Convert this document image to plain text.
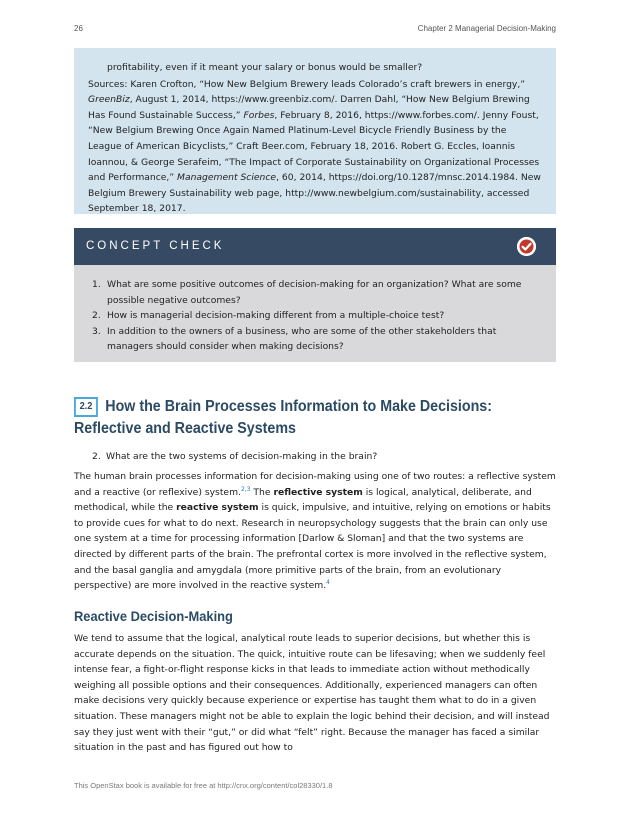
26	Chapter 2 Managerial Decision-Making

profitability, even if it meant your salary or bonus would be smaller?

Sources: Karen Crofton, “How New Belgium Brewery leads Colorado’s craft brewers in energy,” GreenBiz, August 1, 2014, https://www.greenbiz.com/. Darren Dahl, “How New Belgium Brewing Has Found Sustainable Success,” Forbes, February 8, 2016, https://www.forbes.com/. Jenny Foust, “New Belgium Brewing Once Again Named Platinum-Level Bicycle Friendly Business by the League of American Bicyclists,” Craft Beer.com, February 18, 2016. Robert G. Eccles, Ioannis Ioannou, & George Serafeim, “The Impact of Corporate Sustainability on Organizational Processes and Performance,” Management Science, 60, 2014, https://doi.org/10.1287/mnsc.2014.1984. New Belgium Brewery Sustainability web page, http://www.newbelgium.com/sustainability, accessed September 18, 2017.

CONCEPT CHECK
1. What are some positive outcomes of decision-making for an organization? What are some possible negative outcomes?
2. How is managerial decision-making different from a multiple-choice test?
3. In addition to the owners of a business, who are some of the other stakeholders that managers should consider when making decisions?
2.2 How the Brain Processes Information to Make Decisions: Reflective and Reactive Systems

2. What are the two systems of decision-making in the brain?

The human brain processes information for decision-making using one of two routes: a reflective system and a reactive (or reflexive) system.$^{2,3}$ The reflective system is logical, analytical, deliberate, and methodical, while the reactive system is quick, impulsive, and intuitive, relying on emotions or habits to provide cues for what to do next. Research in neuropsychology suggests that the brain can only use one system at a time for processing information [Darlow & Sloman] and that the two systems are directed by different parts of the brain. The prefrontal cortex is more involved in the reflective system, and the basal ganglia and amygdala (more primitive parts of the brain, from an evolutionary perspective) are more involved in the reactive system.$^4$

Reactive Decision-Making

We tend to assume that the logical, analytical route leads to superior decisions, but whether this is accurate depends on the situation. The quick, intuitive route can be lifesaving; when we suddenly feel intense fear, a fight-or-flight response kicks in that leads to immediate action without methodically weighing all possible options and their consequences. Additionally, experienced managers can often make decisions very quickly because experience or expertise has taught them what to do in a given situation. These managers might not be able to explain the logic behind their decision, and will instead say they just went with their “gut,” or did what “felt” right. Because the manager has faced a similar situation in the past and has figured out how to

This OpenStax book is available for free at http://cnx.org/content/col28330/1.8
